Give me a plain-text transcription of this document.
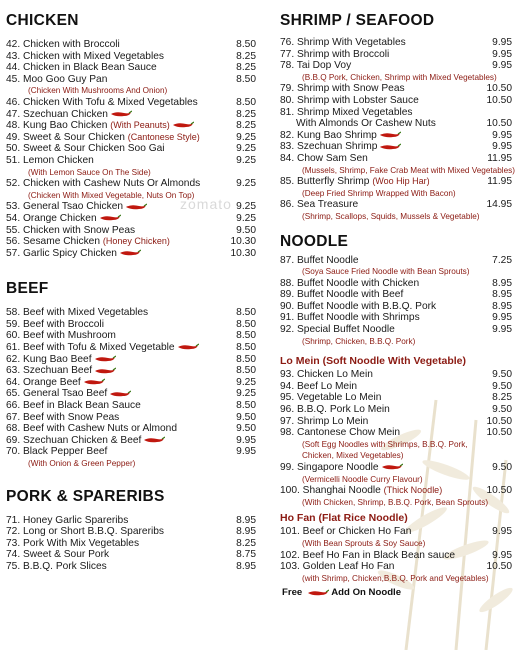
zomato
CHICKEN
42. Chicken with Broccoli	8.50
43. Chicken with Mixed Vegetables	8.25
44. Chicken in Black Bean Sauce	8.25
45. Moo Goo Guy Pan	8.50
(Chicken With Mushrooms And Onion)
46. Chicken With Tofu & Mixed Vegetables	8.50
47. Szechuan Chicken	8.25
48. Kung Bao Chicken (With Peanuts)	8.25
49. Sweet & Sour Chicken (Cantonese Style)	9.25
50. Sweet & Sour Chicken Soo Gai	9.25
51. Lemon Chicken	9.25
(With Lemon Sauce On The Side)
52. Chicken with Cashew Nuts Or Almonds	9.25
(Chicken With Mixed Vegetable, Nuts On Top)
53. General Tsao Chicken	9.25
54. Orange Chicken	9.25
55. Chicken with Snow Peas	9.50
56. Sesame Chicken (Honey Chicken)	10.30
57. Garlic Spicy Chicken	10.30
BEEF
58. Beef with Mixed Vegetables	8.50
59. Beef with Broccoli	8.50
60. Beef with Mushroom	8.50
61. Beef with Tofu & Mixed Vegetable	8.50
62. Kung Bao Beef	8.50
63. Szechuan Beef	8.50
64. Orange Beef	9.25
65. General Tsao Beef	9.25
66. Beef in Black Bean Sauce	8.50
67. Beef with Snow Peas	9.50
68. Beef with Cashew Nuts or Almond	9.50
69. Szechuan Chicken & Beef	9.95
70. Black Pepper Beef	9.95
(With Onion & Green Pepper)
PORK & SPARERIBS
71. Honey Garlic Spareribs	8.95
72. Long or Short B.B.Q. Spareribs	8.95
73. Pork With Mix Vegetables	8.25
74. Sweet & Sour Pork	8.75
75. B.B.Q. Pork Slices	8.95
SHRIMP / SEAFOOD
76. Shrimp With Vegetables	9.95
77. Shrimp with Broccoli	9.95
78. Tai Dop Voy	9.95
(B.B.Q Pork, Chicken, Shrimp with Mixed Vegetables)
79. Shrimp with Snow Peas	10.50
80. Shrimp with Lobster Sauce	10.50
81. Shrimp Mixed Vegetables
With Almonds Or Cashew Nuts	10.50
82. Kung Bao Shrimp	9.95
83. Szechuan Shrimp	9.95
84. Chow Sam Sen	11.95
(Mussels, Shrimp, Fake Crab Meat with Mixed Vegetables)
85. Butterfly Shrimp (Woo Hip Har)	11.95
(Deep Fried Shrimp Wrapped With Bacon)
86. Sea Treasure	14.95
(Shrimp, Scallops, Squids, Mussels & Vegetable)
NOODLE
87. Buffet Noodle	7.25
(Soya Sauce Fried Noodle with Bean Sprouts)
88. Buffet Noodle with Chicken	8.95
89. Buffet Noodle with Beef	8.95
90. Buffet Noodle with B.B.Q. Pork	8.95
91. Buffet Noodle with Shrimps	9.95
92. Special Buffet Noodle	9.95
(Shrimp, Chicken, B.B.Q. Pork)
Lo Mein (Soft Noodle With Vegetable)
93. Chicken Lo Mein	9.50
94. Beef Lo Mein	9.50
95. Vegetable Lo Mein	8.25
96. B.B.Q. Pork Lo Mein	9.50
97. Shrimp Lo Mein	10.50
98. Cantonese Chow Mein	10.50
(Soft Egg Noodles with Shrimps, B.B.Q. Pork,
Chicken, Mixed Vegetables)
99. Singapore Noodle	9.50
(Vermicelli Noodle Curry Flavour)
100. Shanghai Noodle (Thick Noodle)	10.50
(With Chicken, Shrimp, B.B.Q. Pork, Bean Sprouts)
Ho Fan (Flat Rice Noodle)
101. Beef or Chicken Ho Fan	9.95
(With Bean Sprouts & Soy Sauce)
102. Beef Ho Fan in Black Bean sauce	9.95
103. Golden Leaf Ho Fan	10.50
(with Shrimp, Chicken,B.B.Q. Pork and Vegetables)
Free	Add On Noodle
